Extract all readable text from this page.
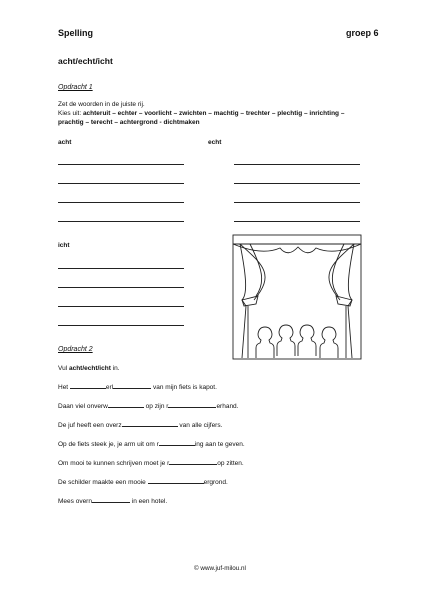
Spelling	groep 6
acht/echt/icht
Opdracht 1
Zet de woorden in de juiste rij.
Kies uit: achteruit – echter – voorlicht – zwichten – machtig – trechter – plechtig – inrichting –
prachtig – terecht – achtergrond - dichtmaken
acht	echt
icht
Opdracht 2
Vul acht/echt/icht in.
Het	erl	van mijn fiets is kapot.
Daan viel onverw	op zijn r	erhand.
De juf heeft een overz	van alle cijfers.
Op de fiets steek je, je arm uit om r	ing aan te geven.
Om mooi te kunnen schrijven moet je r	op zitten.
De schilder maakte een mooie	ergrond.
Mees overn	in een hotel.
© www.juf-milou.nl
